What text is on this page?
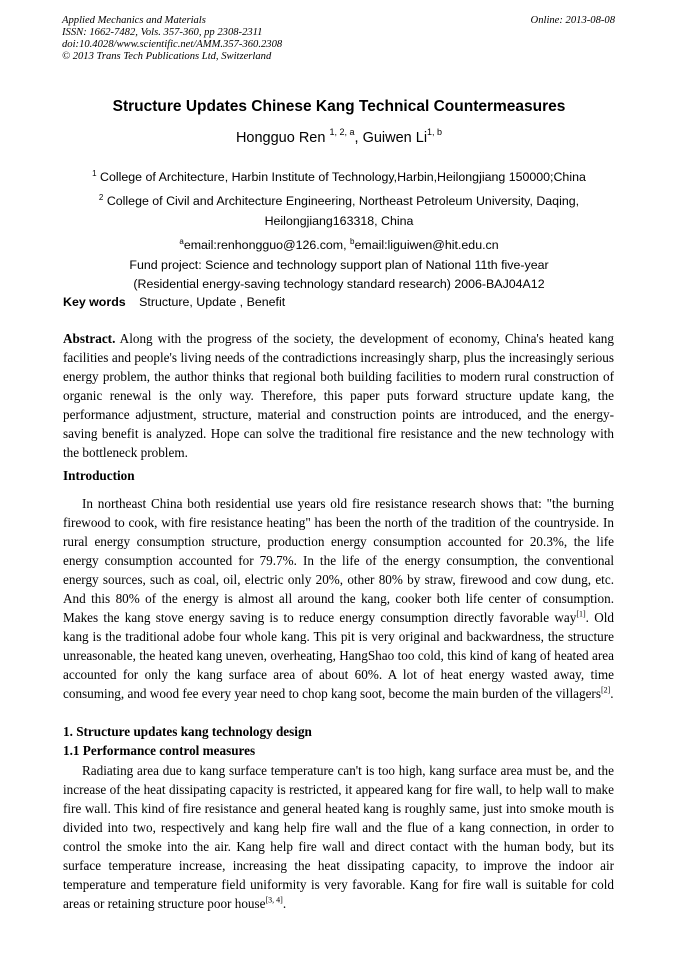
Applied Mechanics and Materials
ISSN: 1662-7482, Vols. 357-360, pp 2308-2311
doi:10.4028/www.scientific.net/AMM.357-360.2308
© 2013 Trans Tech Publications Ltd, Switzerland
Online: 2013-08-08
Structure Updates Chinese Kang Technical Countermeasures
Hongguo Ren $^{1, 2, a}$, Guiwen Li$^{1, b}$
$^1$ College of Architecture, Harbin Institute of Technology,Harbin,Heilongjiang 150000;China
$^2$ College of Civil and Architecture Engineering, Northeast Petroleum University, Daqing,
Heilongjiang163318, China
$^a$email:renhongguo@126.com, $^b$email:liguiwen@hit.edu.cn
Fund project: Science and technology support plan of National 11th five-year
(Residential energy-saving technology standard research) 2006-BAJ04A12
Key words Structure, Update , Benefit

Abstract. Along with the progress of the society, the development of economy, China's heated kang facilities and people's living needs of the contradictions increasingly sharp, plus the increasingly serious energy problem, the author thinks that regional both building facilities to modern rural construction of organic renewal is the only way. Therefore, this paper puts forward structure update kang, the performance adjustment, structure, material and construction points are introduced, and the energy-saving benefit is analyzed. Hope can solve the traditional fire resistance and the new technology with the bottleneck problem.

Introduction

In northeast China both residential use years old fire resistance research shows that: "the burning firewood to cook, with fire resistance heating" has been the north of the tradition of the countryside. In rural energy consumption structure, production energy consumption accounted for 20.3%, the life energy consumption accounted for 79.7%. In the life of the energy consumption, the conventional energy sources, such as coal, oil, electric only 20%, other 80% by straw, firewood and cow dung, etc. And this 80% of the energy is almost all around the kang, cooker both life center of consumption. Makes the kang stove energy saving is to reduce energy consumption directly favorable way[1]. Old kang is the traditional adobe four whole kang. This pit is very original and backwardness, the structure unreasonable, the heated kang uneven, overheating, HangShao too cold, this kind of kang of heated area accounted for only the kang surface area of about 60%. A lot of heat energy wasted away, time consuming, and wood fee every year need to chop kang soot, become the main burden of the villagers[2].

1. Structure updates kang technology design
1.1 Performance control measures

Radiating area due to kang surface temperature can't is too high, kang surface area must be, and the increase of the heat dissipating capacity is restricted, it appeared kang for fire wall, to help wall to make fire wall. This kind of fire resistance and general heated kang is roughly same, just into smoke mouth is divided into two, respectively and kang help fire wall and the flue of a kang connection, in order to control the smoke into the air. Kang help fire wall and direct contact with the human body, but its surface temperature increase, increasing the heat dissipating capacity, to improve the indoor air temperature and temperature field uniformity is very favorable. Kang for fire wall is suitable for cold areas or retaining structure poor house[3, 4].
